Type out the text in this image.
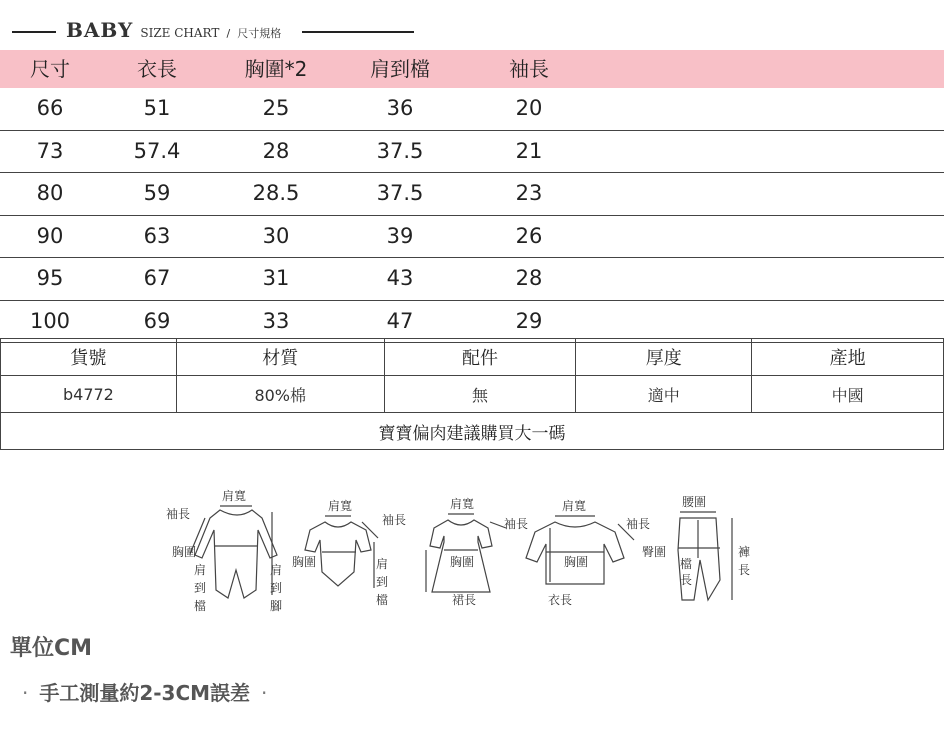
BABY SIZE CHART / 尺寸規格
尺寸	衣長	胸圍*2	肩到檔	袖長
66	51	25	36	20
73	57.4	28	37.5	21
80	59	28.5	37.5	23
90	63	30	39	26
95	67	31	43	28
100	69	33	47	29
貨號	材質	配件	厚度	產地
b4772	80%棉	無	適中	中國
寶寶偏肉建議購買大一碼				
肩寬
袖長
胸圍
肩
到
檔
肩
到
腳
肩寬
袖長
胸圍	肩
到
檔
肩寬
袖長
胸圍
裙長
肩寬
袖長
胸圍
衣長
腰圍
臀圍
檔
長
褲
長
單位CM
· 手工測量約2-3CM誤差 ·
